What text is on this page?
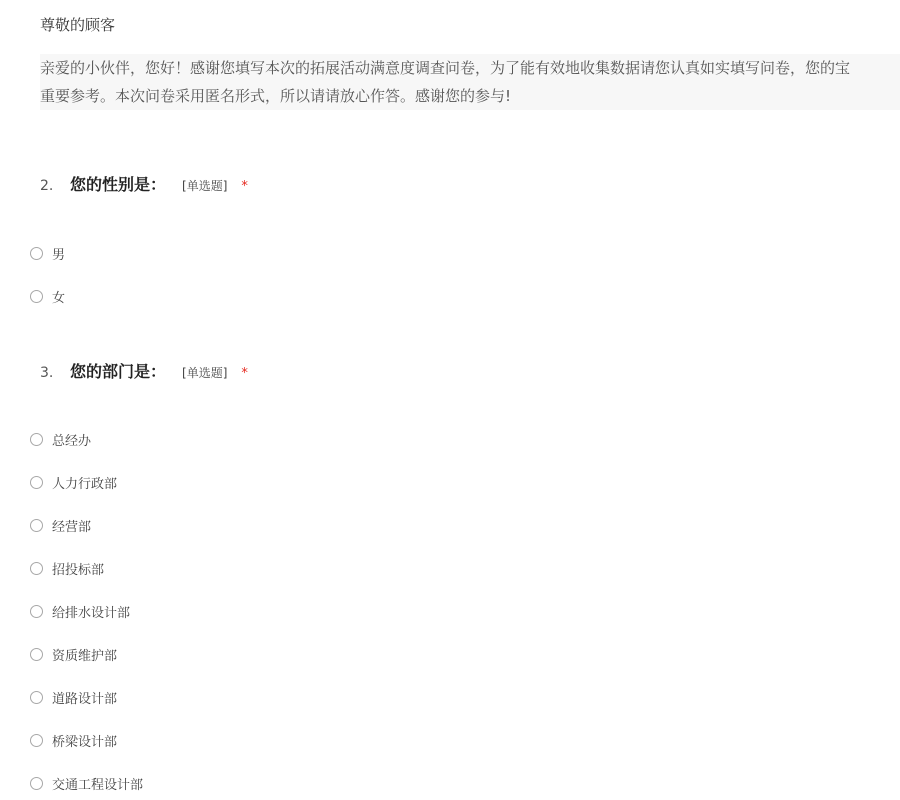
尊敬的顾客

亲爱的小伙伴，您好！感谢您填写本次的拓展活动满意度调查问卷，为了能有效地收集数据请您认真如实填写问卷，您的宝

重要参考。本次问卷采用匿名形式，所以请请放心作答。感谢您的参与!

2.	您的性别是： [单选题] *
男
女
3.	您的部门是： [单选题] *
总经办
人力行政部
经营部
招投标部
给排水设计部
资质维护部
道路设计部
桥梁设计部
交通工程设计部
